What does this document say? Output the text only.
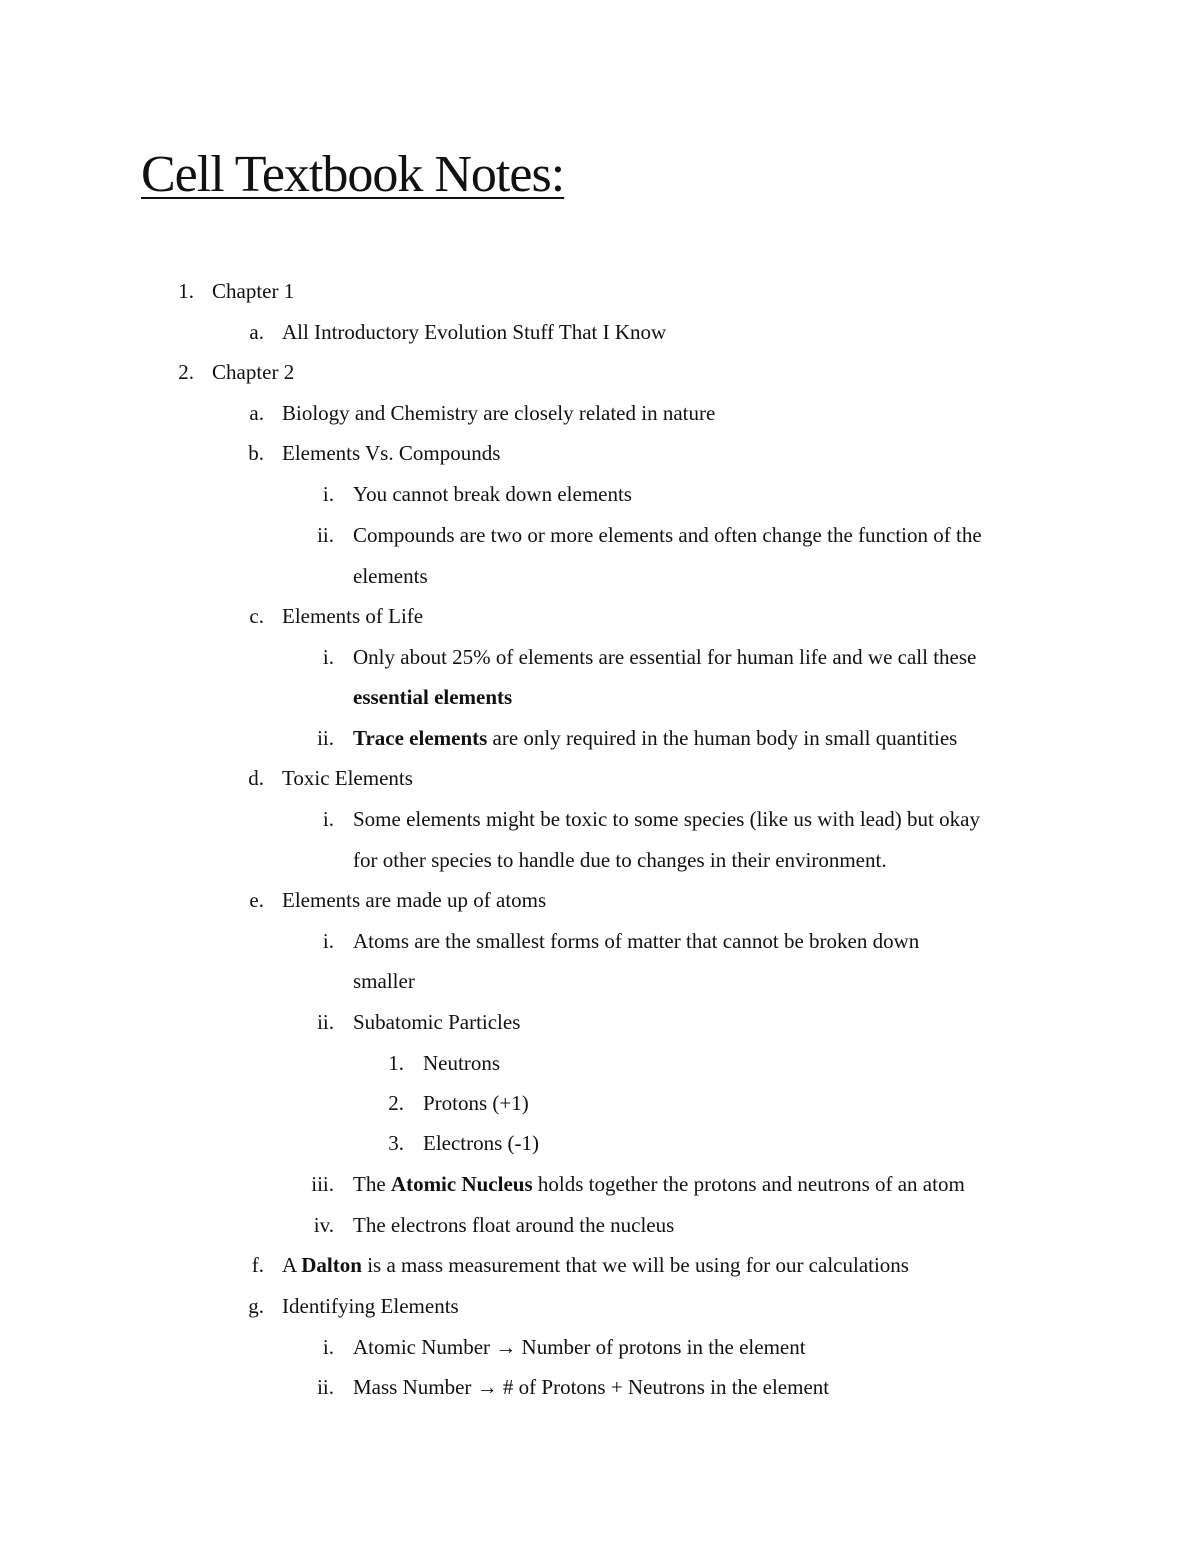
Cell Textbook Notes:
1. Chapter 1
a. All Introductory Evolution Stuff That I Know
2. Chapter 2
a. Biology and Chemistry are closely related in nature
b. Elements Vs. Compounds
i. You cannot break down elements
ii. Compounds are two or more elements and often change the function of the
elements
c. Elements of Life
i. Only about 25% of elements are essential for human life and we call these
essential elements
ii. Trace elements are only required in the human body in small quantities
d. Toxic Elements
i. Some elements might be toxic to some species (like us with lead) but okay
for other species to handle due to changes in their environment.
e. Elements are made up of atoms
i. Atoms are the smallest forms of matter that cannot be broken down
smaller
ii. Subatomic Particles
1. Neutrons
2. Protons (+1)
3. Electrons (-1)
iii. The Atomic Nucleus holds together the protons and neutrons of an atom
iv. The electrons float around the nucleus
f. A Dalton is a mass measurement that we will be using for our calculations
g. Identifying Elements
i. Atomic Number → Number of protons in the element
ii. Mass Number → # of Protons + Neutrons in the element
